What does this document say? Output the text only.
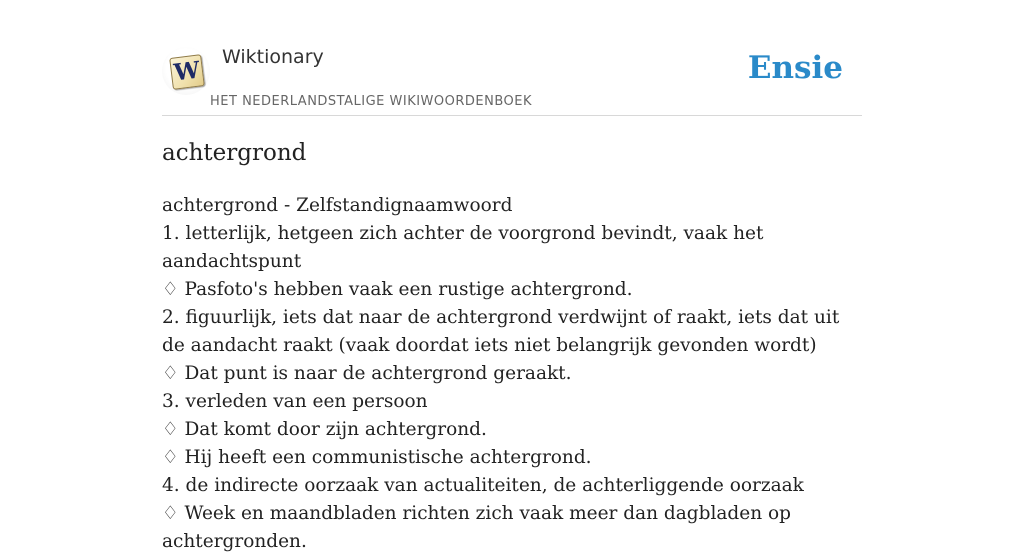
W Wiktionary
HET NEDERLANDSTALIGE WIKIWOORDENBOEK
Ensie
achtergrond
achtergrond - Zelfstandignaamwoord
1. letterlijk, hetgeen zich achter de voorgrond bevindt, vaak het aandachtspunt
♢ Pasfoto's hebben vaak een rustige achtergrond.
2. figuurlijk, iets dat naar de achtergrond verdwijnt of raakt, iets dat uit de aandacht raakt (vaak doordat iets niet belangrijk gevonden wordt)
♢ Dat punt is naar de achtergrond geraakt.
3. verleden van een persoon
♢ Dat komt door zijn achtergrond.
♢ Hij heeft een communistische achtergrond.
4. de indirecte oorzaak van actualiteiten, de achterliggende oorzaak
♢ Week en maandbladen richten zich vaak meer dan dagbladen op achtergronden.
